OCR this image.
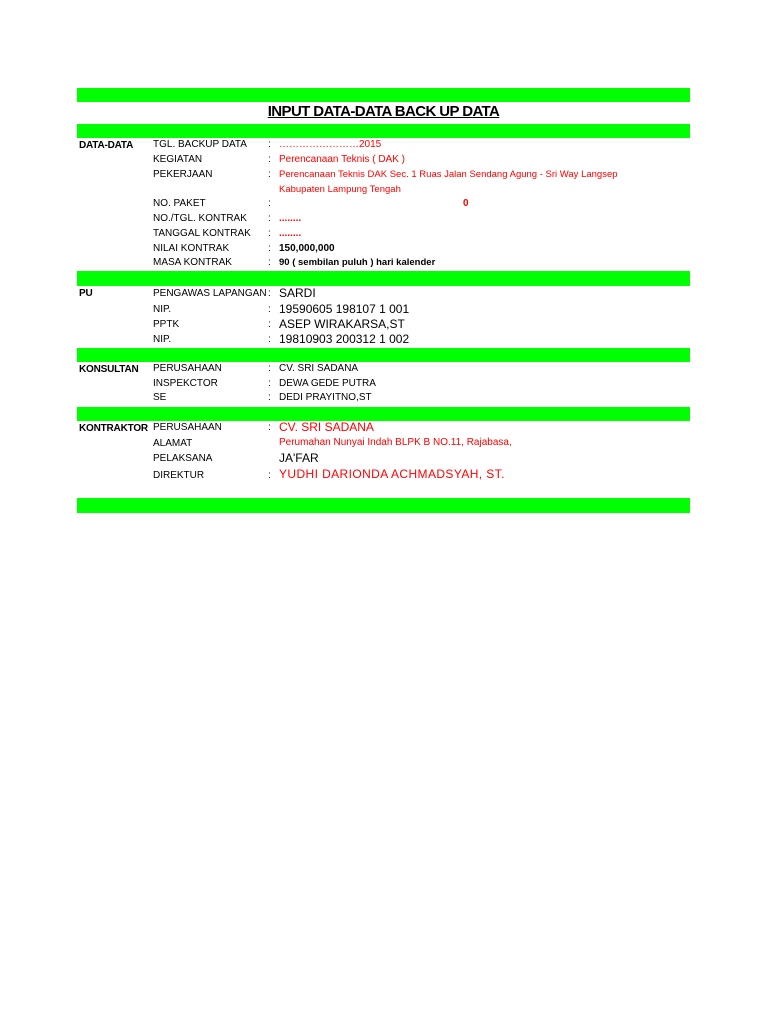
INPUT DATA-DATA BACK UP DATA
DATA-DATA TGL. BACKUP DATA : ……………………2015
KEGIATAN	: Perencanaan Teknis ( DAK )
PEKERJAAN	: Perencanaan Teknis DAK Sec. 1 Ruas Jalan Sendang Agung - Sri Way Langsep
Kabupaten Lampung Tengah
NO. PAKET	:	0
NO./TGL. KONTRAK : ........
TANGGAL KONTRAK : ........
NILAI KONTRAK	: 150,000,000
MASA KONTRAK	: 90 ( sembilan puluh ) hari kalender
PU	PENGAWAS LAPANGAN : SARDI
NIP.	: 19590605 198107 1 001
PPTK	: ASEP WIRAKARSA,ST
NIP.	: 19810903 200312 1 002
KONSULTAN PERUSAHAAN	: CV. SRI SADANA
INSPEKCTOR	: DEWA GEDE PUTRA
SE	: DEDI PRAYITNO,ST
KONTRAKTOR PERUSAHAAN	: CV. SRI SADANA
ALAMAT	Perumahan Nunyai Indah BLPK B NO.11, Rajabasa,
PELAKSANA	JA'FAR
DIREKTUR	: YUDHI DARIONDA ACHMADSYAH, ST.
